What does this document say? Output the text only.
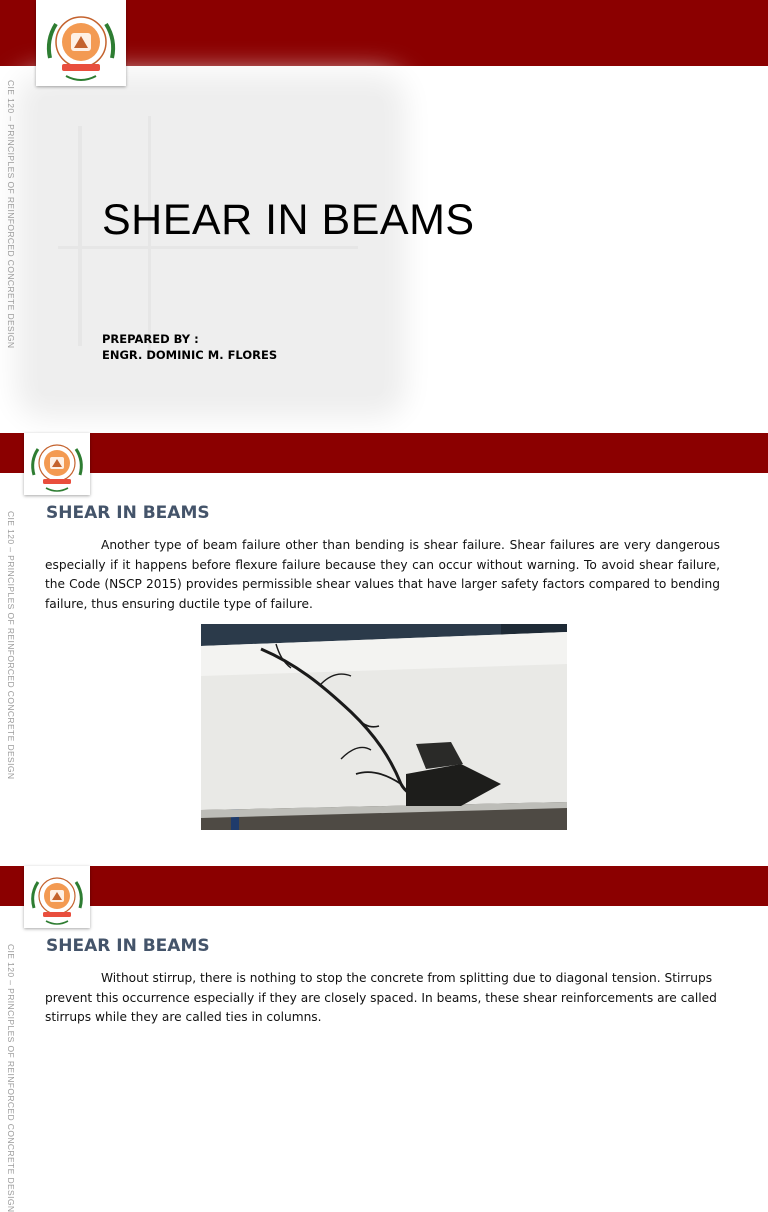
CIE 120 – PRINCIPLES OF REINFORCED CONCRETE DESIGN SHEAR IN BEAMS
PREPARED BY :
ENGR. DOMINIC M. FLORES
CIE 120 – PRINCIPLES OF REINFORCED CONCRETE DESIGN SHEAR IN BEAMS

Another type of beam failure other than bending is shear failure. Shear failures are very dangerous especially if it happens before flexure failure because they can occur without warning. To avoid shear failure, the Code (NSCP 2015) provides permissible shear values that have larger safety factors compared to bending failure, thus ensuring ductile type of failure.

CIE 120 – PRINCIPLES OF REINFORCED CONCRETE DESIGN SHEAR IN BEAMS

Without stirrup, there is nothing to stop the concrete from splitting due to diagonal tension. Stirrups prevent this occurrence especially if they are closely spaced. In beams, these shear reinforcements are called stirrups while they are called ties in columns.
